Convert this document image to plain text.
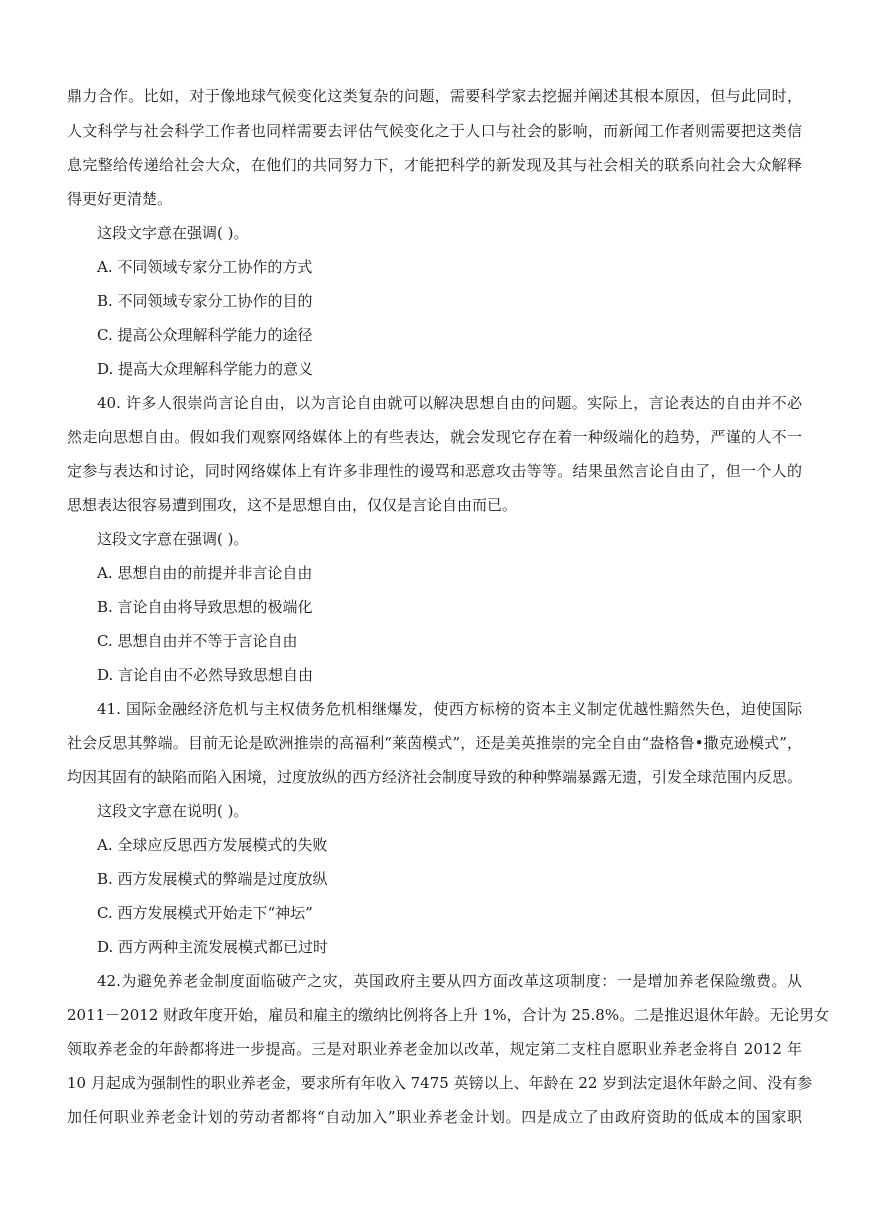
鼎力合作。比如，对于像地球气候变化这类复杂的问题，需要科学家去挖掘并阐述其根本原因，但与此同时，
人文科学与社会科学工作者也同样需要去评估气候变化之于人口与社会的影响，而新闻工作者则需要把这类信
息完整给传递给社会大众，在他们的共同努力下，才能把科学的新发现及其与社会相关的联系向社会大众解释
得更好更清楚。
这段文字意在强调( )。
A. 不同领域专家分工协作的方式
B. 不同领域专家分工协作的目的
C. 提高公众理解科学能力的途径
D. 提高大众理解科学能力的意义
40. 许多人很崇尚言论自由，以为言论自由就可以解决思想自由的问题。实际上，言论表达的自由并不必
然走向思想自由。假如我们观察网络媒体上的有些表达，就会发现它存在着一种级端化的趋势，严谨的人不一
定参与表达和讨论，同时网络媒体上有许多非理性的谩骂和恶意攻击等等。结果虽然言论自由了，但一个人的
思想表达很容易遭到围攻，这不是思想自由，仅仅是言论自由而已。
这段文字意在强调( )。
A. 思想自由的前提并非言论自由
B. 言论自由将导致思想的极端化
C. 思想自由并不等于言论自由
D. 言论自由不必然导致思想自由
41. 国际金融经济危机与主权债务危机相继爆发，使西方标榜的资本主义制定优越性黯然失色，迫使国际
社会反思其弊端。目前无论是欧洲推崇的高福利“莱茵模式”，还是美英推崇的完全自由“盎格鲁•撒克逊模式”，
均因其固有的缺陷而陷入困境，过度放纵的西方经济社会制度导致的种种弊端暴露无遗，引发全球范围内反思。
这段文字意在说明( )。
A. 全球应反思西方发展模式的失败
B. 西方发展模式的弊端是过度放纵
C. 西方发展模式开始走下“神坛”
D. 西方两种主流发展模式都已过时
42.为避免养老金制度面临破产之灾，英国政府主要从四方面改革这项制度：一是增加养老保险缴费。从
2011－2012 财政年度开始，雇员和雇主的缴纳比例将各上升 1%，合计为 25.8%。二是推迟退休年龄。无论男女
领取养老金的年龄都将进一步提高。三是对职业养老金加以改革，规定第二支柱自愿职业养老金将自 2012 年
10 月起成为强制性的职业养老金，要求所有年收入 7475 英镑以上、年龄在 22 岁到法定退休年龄之间、没有参
加任何职业养老金计划的劳动者都将“自动加入”职业养老金计划。四是成立了由政府资助的低成本的国家职
